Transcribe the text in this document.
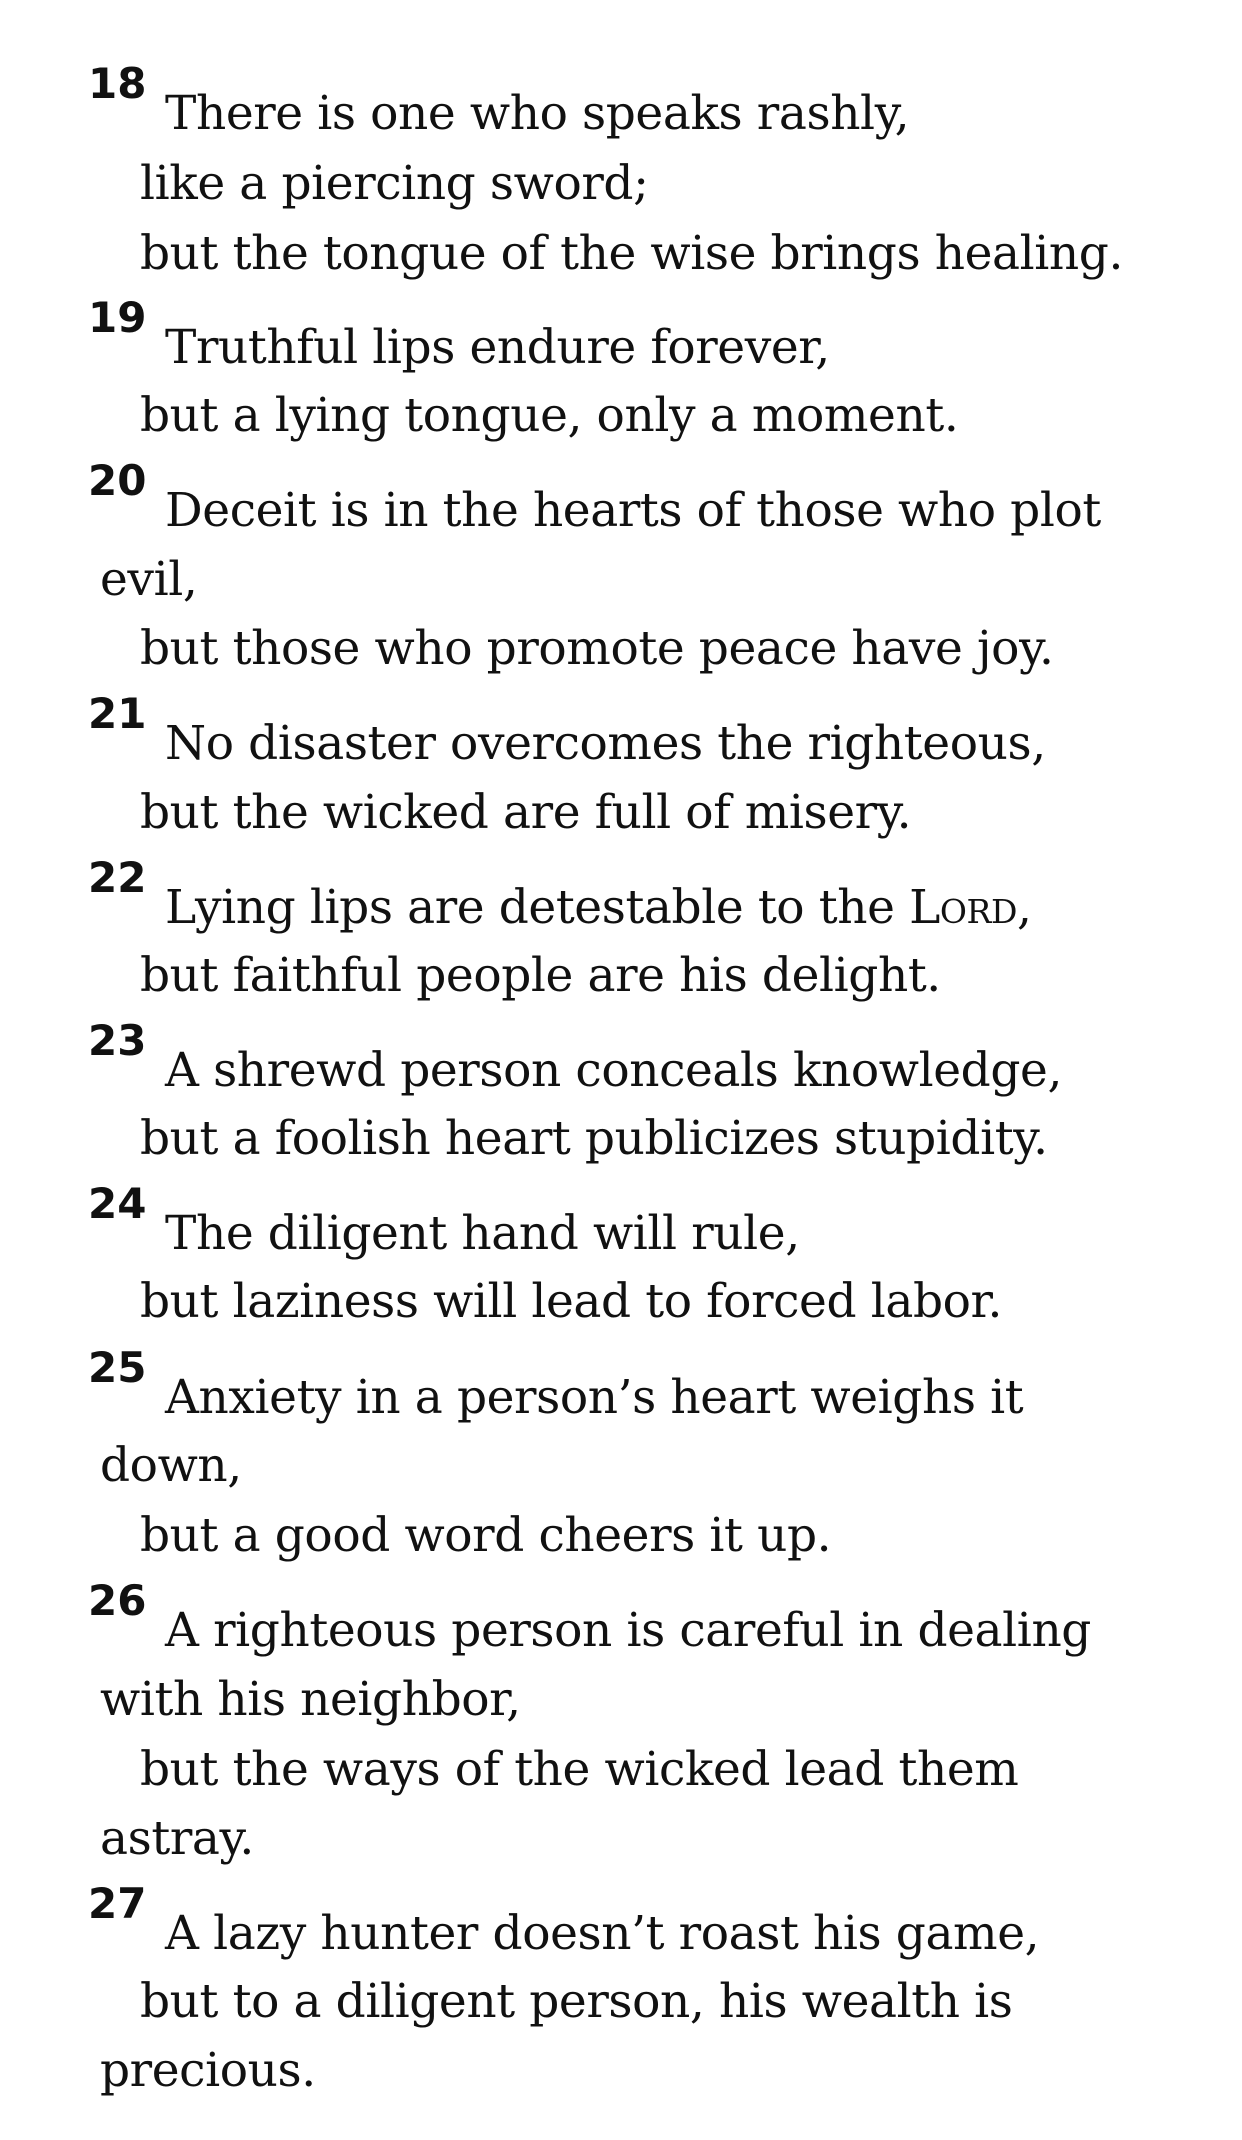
18
There is one who speaks rashly,
like a piercing sword;
but the tongue of the wise brings healing.
19
Truthful lips endure forever,
but a lying tongue, only a moment.
20
Deceit is in the hearts of those who plot
evil,
but those who promote peace have joy.
21
No disaster overcomes the righteous,
but the wicked are full of misery.
22
Lying lips are detestable to the Lord,
but faithful people are his delight.
23
A shrewd person conceals knowledge,
but a foolish heart publicizes stupidity.
24
The diligent hand will rule,
but laziness will lead to forced labor.
25
Anxiety in a person’s heart weighs it
down,
but a good word cheers it up.
26
A righteous person is careful in dealing
with his neighbor,
but the ways of the wicked lead them
astray.
27
A lazy hunter doesn’t roast his game,
but to a diligent person, his wealth is
precious.
